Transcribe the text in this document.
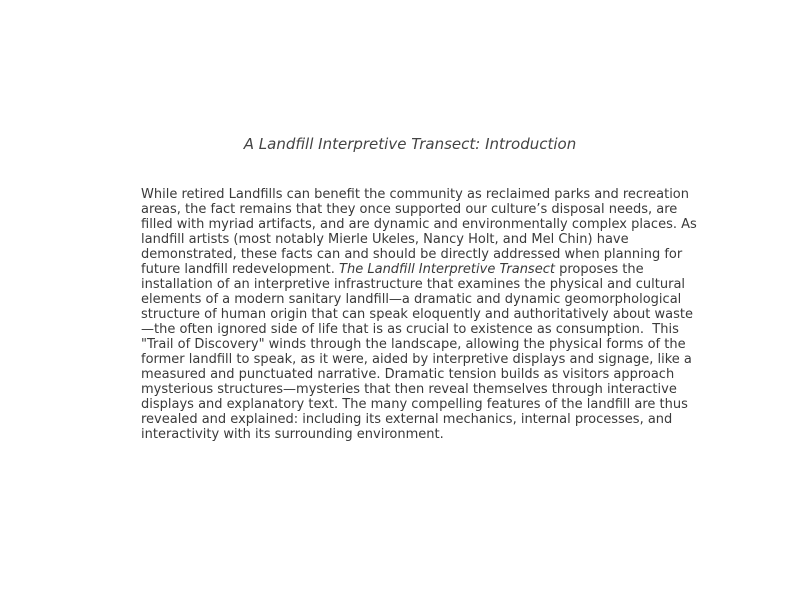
A Landfill Interpretive Transect: Introduction

While retired Landfills can benefit the community as reclaimed parks and recreation
areas, the fact remains that they once supported our culture’s disposal needs, are
filled with myriad artifacts, and are dynamic and environmentally complex places. As
landfill artists (most notably Mierle Ukeles, Nancy Holt, and Mel Chin) have
demonstrated, these facts can and should be directly addressed when planning for
future landfill redevelopment. The Landfill Interpretive Transect proposes the
installation of an interpretive infrastructure that examines the physical and cultural
elements of a modern sanitary landfill—a dramatic and dynamic geomorphological
structure of human origin that can speak eloquently and authoritatively about waste
—the often ignored side of life that is as crucial to existence as consumption.  This
"Trail of Discovery" winds through the landscape, allowing the physical forms of the
former landfill to speak, as it were, aided by interpretive displays and signage, like a
measured and punctuated narrative. Dramatic tension builds as visitors approach
mysterious structures—mysteries that then reveal themselves through interactive
displays and explanatory text. The many compelling features of the landfill are thus
revealed and explained: including its external mechanics, internal processes, and
interactivity with its surrounding environment.
